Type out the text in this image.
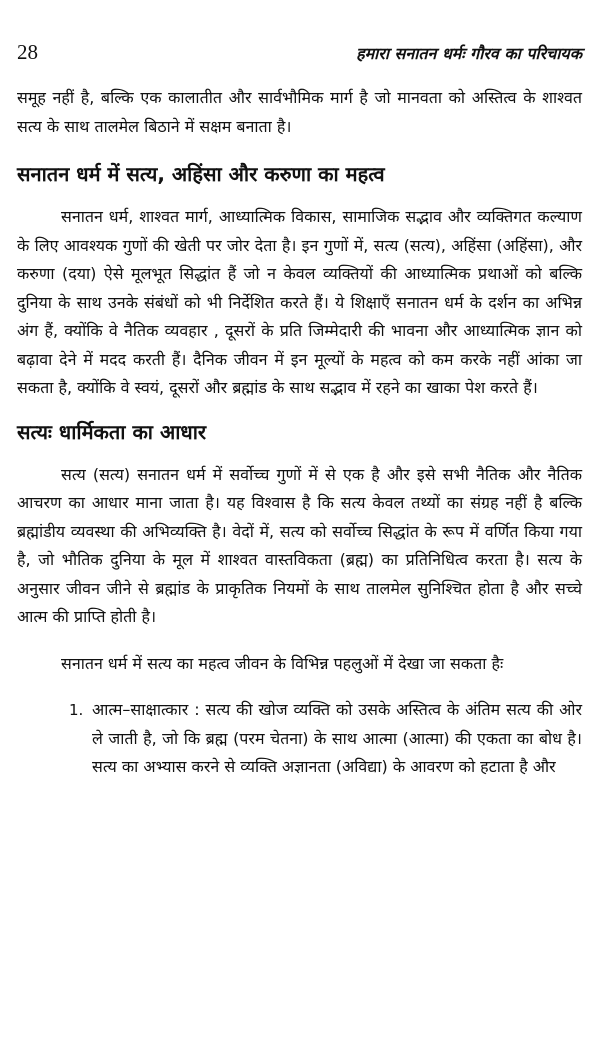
28	हमारा सनातन धर्मः गौरव का परिचायक

समूह नहीं है, बल्कि एक कालातीत और सार्वभौमिक मार्ग है जो मानवता को अस्तित्व के शाश्वत सत्य के साथ तालमेल बिठाने में सक्षम बनाता है।

सनातन धर्म में सत्य, अहिंसा और करुणा का महत्व

सनातन धर्म, शाश्वत मार्ग, आध्यात्मिक विकास, सामाजिक सद्भाव और व्यक्तिगत कल्याण के लिए आवश्यक गुणों की खेती पर जोर देता है। इन गुणों में, सत्य (सत्य), अहिंसा (अहिंसा), और करुणा (दया) ऐसे मूलभूत सिद्धांत हैं जो न केवल व्यक्तियों की आध्यात्मिक प्रथाओं को बल्कि दुनिया के साथ उनके संबंधों को भी निर्देशित करते हैं। ये शिक्षाएँ सनातन धर्म के दर्शन का अभिन्न अंग हैं, क्योंकि वे नैतिक व्यवहार , दूसरों के प्रति जिम्मेदारी की भावना और आध्यात्मिक ज्ञान को बढ़ावा देने में मदद करती हैं। दैनिक जीवन में इन मूल्यों के महत्व को कम करके नहीं आंका जा सकता है, क्योंकि वे स्वयं, दूसरों और ब्रह्मांड के साथ सद्भाव में रहने का खाका पेश करते हैं।

सत्यः धार्मिकता का आधार

सत्य (सत्य) सनातन धर्म में सर्वोच्च गुणों में से एक है और इसे सभी नैतिक और नैतिक आचरण का आधार माना जाता है। यह विश्वास है कि सत्य केवल तथ्यों का संग्रह नहीं है बल्कि ब्रह्मांडीय व्यवस्था की अभिव्यक्ति है। वेदों में, सत्य को सर्वोच्च सिद्धांत के रूप में वर्णित किया गया है, जो भौतिक दुनिया के मूल में शाश्वत वास्तविकता (ब्रह्म) का प्रतिनिधित्व करता है। सत्य के अनुसार जीवन जीने से ब्रह्मांड के प्राकृतिक नियमों के साथ तालमेल सुनिश्चित होता है और सच्चे आत्म की प्राप्ति होती है।

सनातन धर्म में सत्य का महत्व जीवन के विभिन्न पहलुओं में देखा जा सकता हैः

1. आत्म–साक्षात्कार : सत्य की खोज व्यक्ति को उसके अस्तित्व के अंतिम सत्य की ओर ले जाती है, जो कि ब्रह्म (परम चेतना) के साथ आत्मा (आत्मा) की एकता का बोध है। सत्य का अभ्यास करने से व्यक्ति अज्ञानता (अविद्या) के आवरण को हटाता है और
